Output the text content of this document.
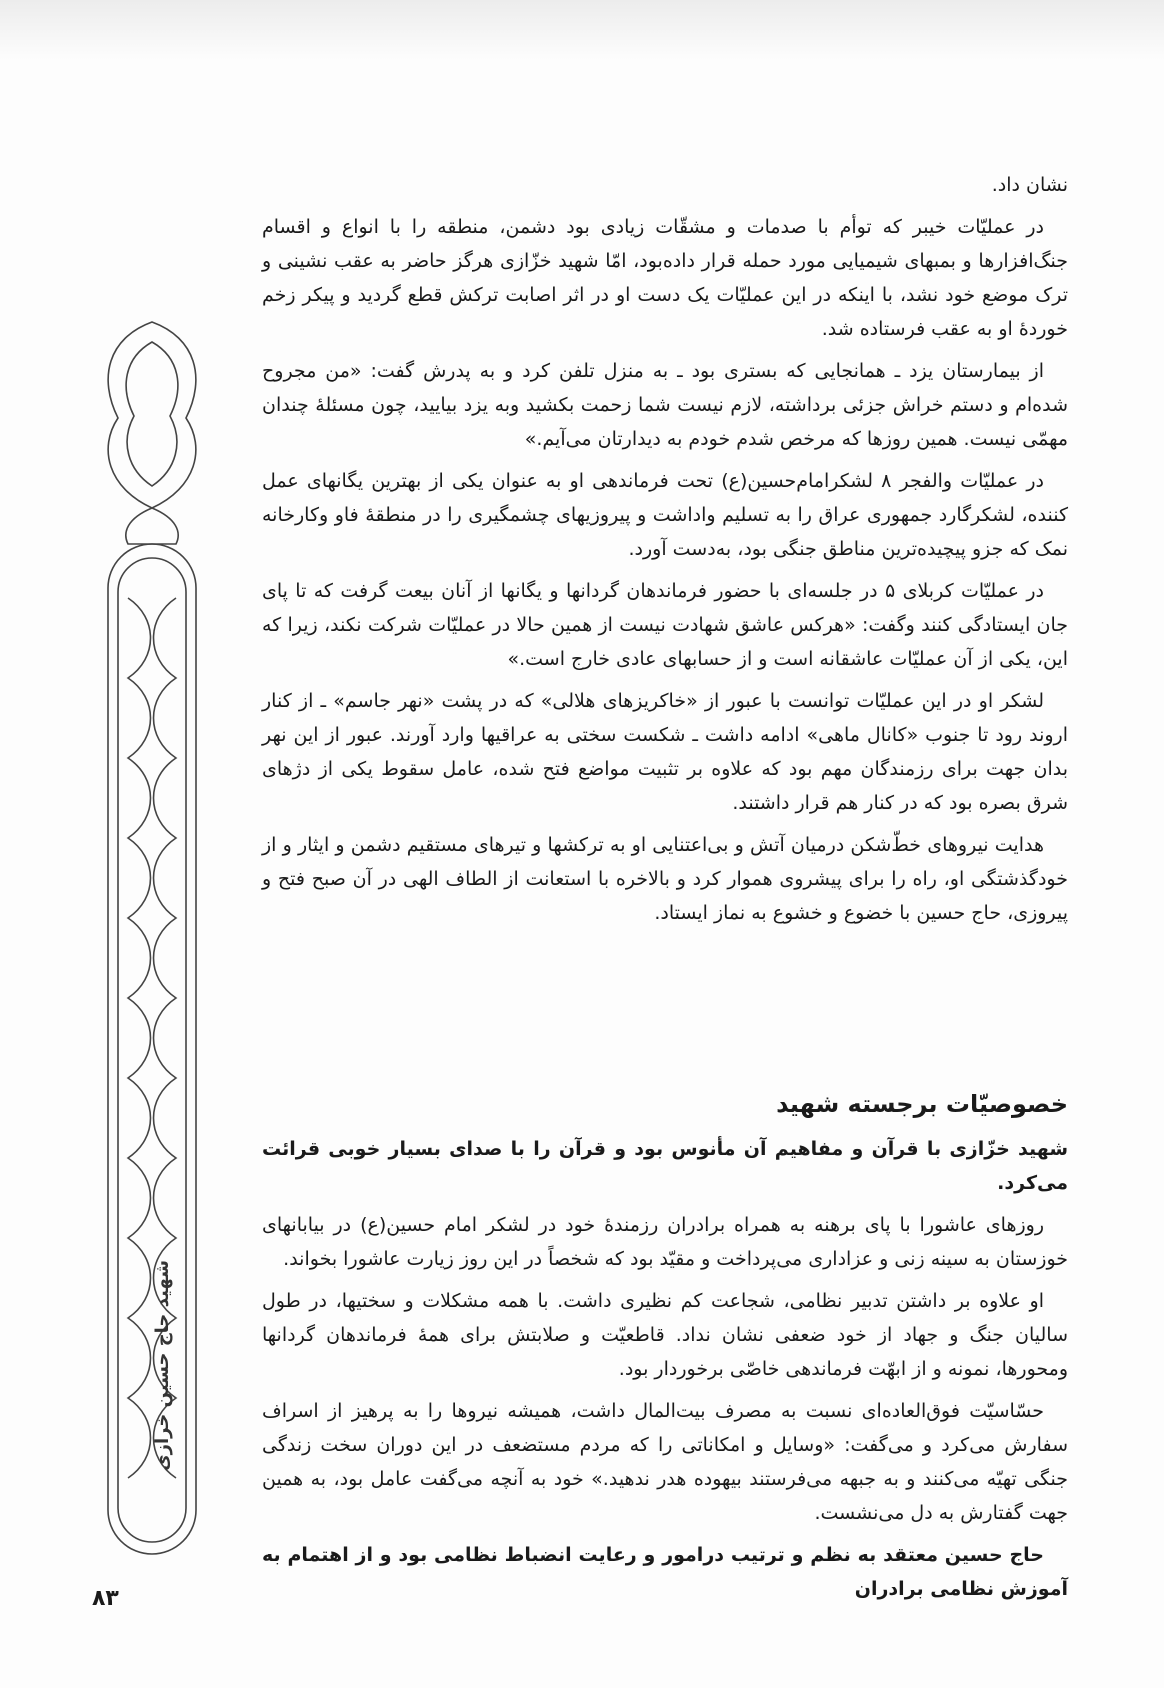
نشان داد.

در عملیّات خیبر که توأم با صدمات و مشقّات زیادی بود دشمن، منطقه را با انواع و اقسام جنگ‌افزارها و بمبهای شیمیایی مورد حمله قرار داده‌بود، امّا شهید خزّازی هرگز حاضر به عقب نشینی و ترک موضع خود نشد، با اینکه در این عملیّات یک دست او در اثر اصابت ترکش قطع گردید و پیکر زخم خوردهٔ او به عقب فرستاده شد.

از بیمارستان یزد ـ همانجایی که بستری بود ـ به منزل تلفن کرد و به پدرش گفت: «من مجروح شده‌ام و دستم خراش جزئی برداشته، لازم نیست شما زحمت بکشید وبه یزد بیایید، چون مسئلهٔ چندان مهمّی نیست. همین روزها که مرخص شدم خودم به دیدارتان می‌آیم.»

در عملیّات والفجر ۸ لشکرامام‌حسین(ع) تحت فرماندهی او به عنوان یکی از بهترین یگانهای عمل کننده، لشکرگارد جمهوری عراق را به تسلیم واداشت و پیروزیهای چشمگیری را در منطقهٔ فاو وکارخانه نمک که جزو پیچیده‌ترین مناطق جنگی بود، به‌دست آورد.

در عملیّات کربلای ۵ در جلسه‌ای با حضور فرماندهان گردانها و یگانها از آنان بیعت گرفت که تا پای جان ایستادگی کنند وگفت: «هرکس عاشق شهادت نیست از همین حالا در عملیّات شرکت نکند، زیرا که این، یکی از آن عملیّات عاشقانه است و از حسابهای عادی خارج است.»

لشکر او در این عملیّات توانست با عبور از «خاکریزهای هلالی» که در پشت «نهر جاسم» ـ از کنار اروند رود تا جنوب «کانال ماهی» ادامه داشت ـ شکست سختی به عراقیها وارد آورند. عبور از این نهر بدان جهت برای رزمندگان مهم بود که علاوه بر تثبیت مواضع فتح شده، عامل سقوط یکی از دژهای شرق بصره بود که در کنار هم قرار داشتند.

هدایت نیروهای خطّ‌شکن درمیان آتش و بی‌اعتنایی او به ترکشها و تیرهای مستقیم دشمن و ایثار و از خودگذشتگی او، راه را برای پیشروی هموار کرد و بالاخره با استعانت از الطاف الهی در آن صبح فتح و پیروزی، حاج حسین با خضوع و خشوع به نماز ایستاد.

خصوصیّات برجسته شهید

شهید خزّازی با قرآن و مفاهیم آن مأنوس بود و قرآن را با صدای بسیار خوبی قرائت می‌کرد.

روزهای عاشورا با پای برهنه به همراه برادران رزمندهٔ خود در لشکر امام حسین(ع) در بیابانهای خوزستان به سینه زنی و عزاداری می‌پرداخت و مقیّد بود که شخصاً در این روز زیارت عاشورا بخواند.

او علاوه بر داشتن تدبیر نظامی، شجاعت کم نظیری داشت. با همه مشکلات و سختیها، در طول سالیان جنگ و جهاد از خود ضعفی نشان نداد. قاطعیّت و صلابتش برای همهٔ فرماندهان گردانها ومحورها، نمونه و از ابهّت فرماندهی خاصّی برخوردار بود.

حسّاسیّت فوق‌العاده‌ای نسبت به مصرف بیت‌المال داشت، همیشه نیروها را به پرهیز از اسراف سفارش می‌کرد و می‌گفت: «وسایل و امکاناتی را که مردم مستضعف در این دوران سخت زندگی جنگی تهیّه می‌کنند و به جبهه می‌فرستند بیهوده هدر ندهید.» خود به آنچه می‌گفت عامل بود، به همین جهت گفتارش به دل می‌نشست.

حاج حسین معتقد به نظم و ترتیب درامور و رعایت انضباط نظامی بود و از اهتمام به آموزش نظامی برادران

شهید حاج حسین خرازی
۸۳
